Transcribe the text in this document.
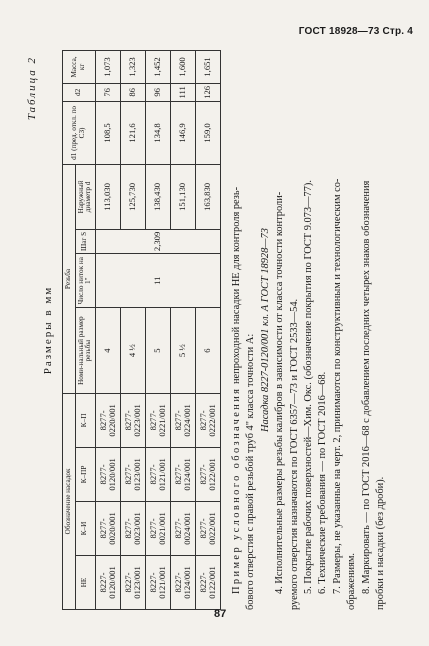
ГОСТ 18928—73 Стр. 4
Таблица 2
Размеры в мм
Обозначение насадок				Резьба				d1 (пред. откл. по С3)	d2	Масса, кг
НЕ	К–И	К–ПР	К–П	Номи-нальный размер резьбы	Число ниток на 1"	Шаг S	Наружный диаметр d			
8227-0120/001	8277-0020/001	8277-0120/001	8277-0220/001	4	11	2,309	113,030	108,5	76	1,073
8227-0123/001	8277-0023/001	8277-0123/001	8277-0223/001	4 ½			125,730	121,6	86	1,323
8227-0121/001	8277-0021/001	8277-0121/001	8277-0221/001	5			138,430	134,8	96	1,452
8227-0124/001	8277-0024/001	8277-0124/001	8277-0224/001	5 ½			151,130	146,9	111	1,600
8227-0122/001	8277-0022/001	8277-0122/001	8277-0222/001	6			163,830	159,0	126	1,651

Пример условного обозначения непроходной насадки НЕ для контроля резь-

бового отверстия с правой резьбой труб 4" класса точности А:

Насадка 8227-0120/001 кл. А ГОСТ 18928—73 4. Исполнительные размеры резьбы калибров в зависимости от класса точности контроли- руемого отверстия назначаются по ГОСТ 6357—73 и ГОСТ 2533—54. 5. Покрытие рабочих поверхностей—Хим. Окс. (обозначение покрытия по ГОСТ 9.073—77). 6. Технические требования — по ГОСТ 2016—68. 7. Размеры, не указанные на черт. 2, принимаются по конструктивным и технологическим со- ображениям. 8. Маркировать — по ГОСТ 2016—68 с добавлением последних четырех знаков обозначения пробки и насадки (без дроби).

87
